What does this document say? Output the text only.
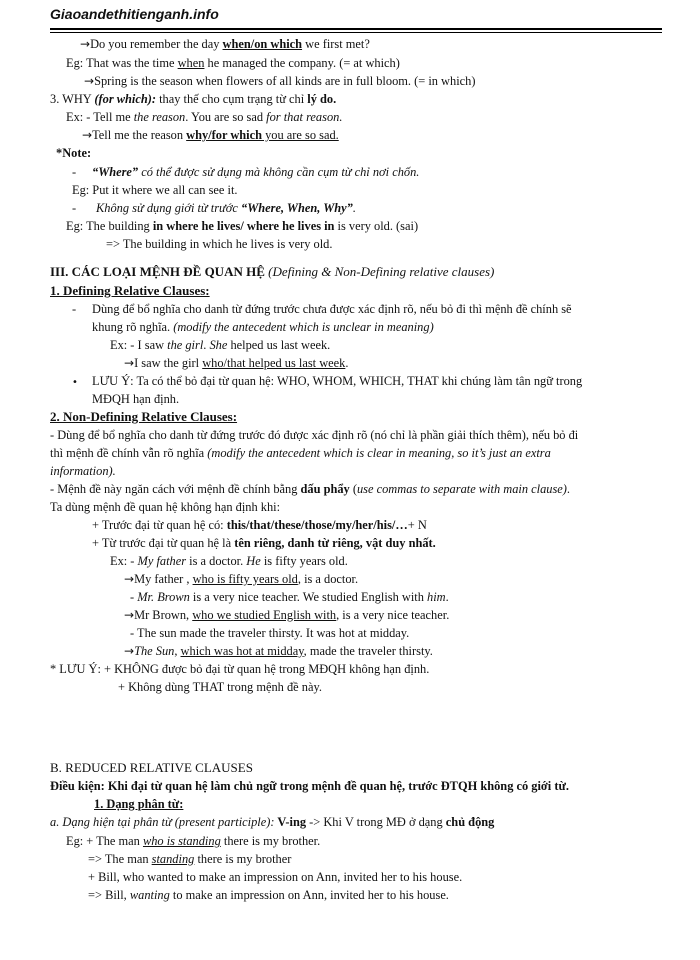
Giaoandethitienganh.info
→Do you remember the day when/on which we first met?
Eg: That was the time when he managed the company. (= at which)
→Spring is the season when flowers of all kinds are in full bloom. (= in which)
3. WHY (for which): thay thế cho cụm trạng từ chỉ lý do.
Ex: - Tell me the reason. You are so sad for that reason.
→Tell me the reason why/for which you are so sad.
*Note:
- “Where” có thể được sử dụng mà không cần cụm từ chỉ nơi chốn.
Eg: Put it where we all can see it.
- Không sử dụng giới từ trước “Where, When, Why”.
Eg: The building in where he lives/ where he lives in is very old. (sai)
=> The building in which he lives is very old.
III. CÁC LOẠI MỆNH ĐỀ QUAN HỆ (Defining & Non-Defining relative clauses)
1. Defining Relative Clauses:
- Dùng để bổ nghĩa cho danh từ đứng trước chưa được xác định rõ, nếu bỏ đi thì mệnh đề chính sẽ
khung rõ nghĩa. (modify the antecedent which is unclear in meaning)
Ex: - I saw the girl. She helped us last week.
→I saw the girl who/that helped us last week.
• LƯU Ý: Ta có thể bỏ đại từ quan hệ: WHO, WHOM, WHICH, THAT khi chúng làm tân ngữ trong
MĐQH hạn định.
2. Non-Defining Relative Clauses:
- Dùng để bổ nghĩa cho danh từ đứng trước đó được xác định rõ (nó chỉ là phần giải thích thêm), nếu bỏ đi
thì mệnh đề chính vẫn rõ nghĩa (modify the antecedent which is clear in meaning, so it’s just an extra
information).
- Mệnh đề này ngăn cách với mệnh đề chính bằng dấu phẩy (use commas to separate with main clause).
Ta dùng mệnh đề quan hệ không hạn định khi:
+ Trước đại từ quan hệ có: this/that/these/those/my/her/his/…+ N
+ Từ trước đại từ quan hệ là tên riêng, danh từ riêng, vật duy nhất.
Ex: - My father is a doctor. He is fifty years old.
→My father , who is fifty years old, is a doctor.
- Mr. Brown is a very nice teacher. We studied English with him.
→Mr Brown, who we studied English with, is a very nice teacher.
- The sun made the traveler thirsty. It was hot at midday.
→The Sun, which was hot at midday, made the traveler thirsty.
* LƯU Ý: + KHÔNG được bỏ đại từ quan hệ trong MĐQH không hạn định.
+ Không dùng THAT trong mệnh đề này.
B. REDUCED RELATIVE CLAUSES
Điều kiện: Khi đại từ quan hệ làm chủ ngữ trong mệnh đề quan hệ, trước ĐTQH không có giới từ.
1. Dạng phân từ:
a. Dạng hiện tại phân từ (present participle): V-ing -> Khi V trong MĐ ở dạng chủ động
Eg: + The man who is standing there is my brother.
=> The man standing there is my brother
+ Bill, who wanted to make an impression on Ann, invited her to his house.
=> Bill, wanting to make an impression on Ann, invited her to his house.
